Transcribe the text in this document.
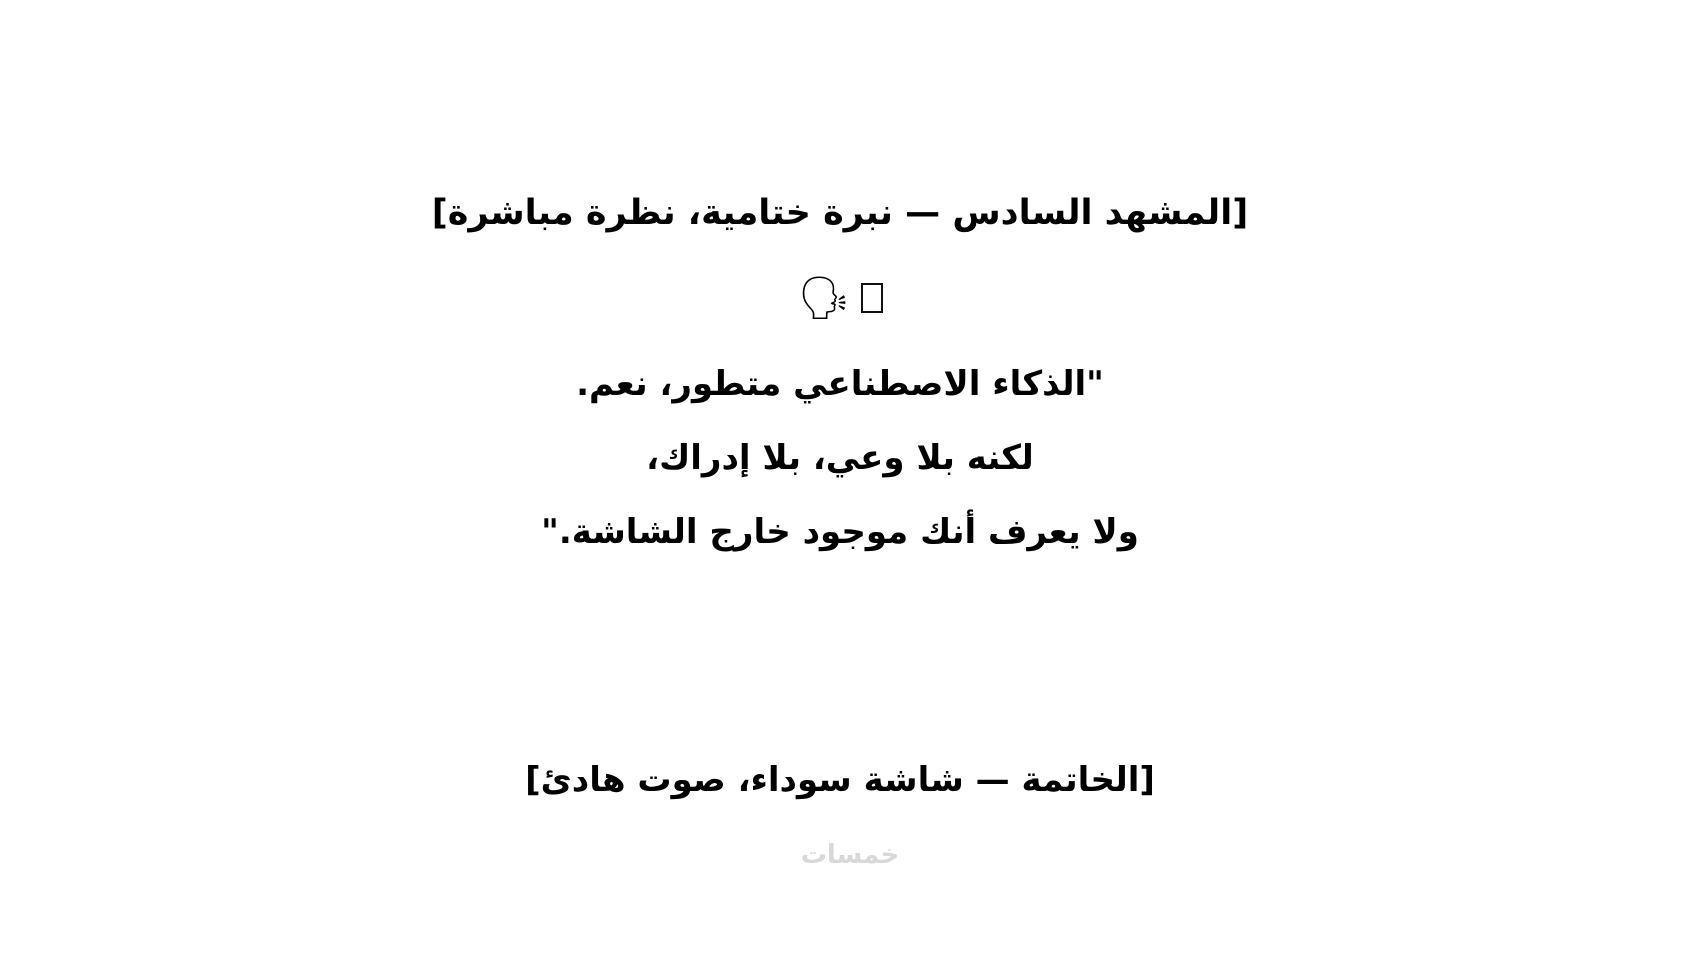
[المشهد السادس — نبرة ختامية، نظرة مباشرة]
🗣
"الذكاء الاصطناعي متطور، نعم.
لكنه بلا وعي، بلا إدراك،
ولا يعرف أنك موجود خارج الشاشة."
[الخاتمة — شاشة سوداء، صوت هادئ]
خمسات
